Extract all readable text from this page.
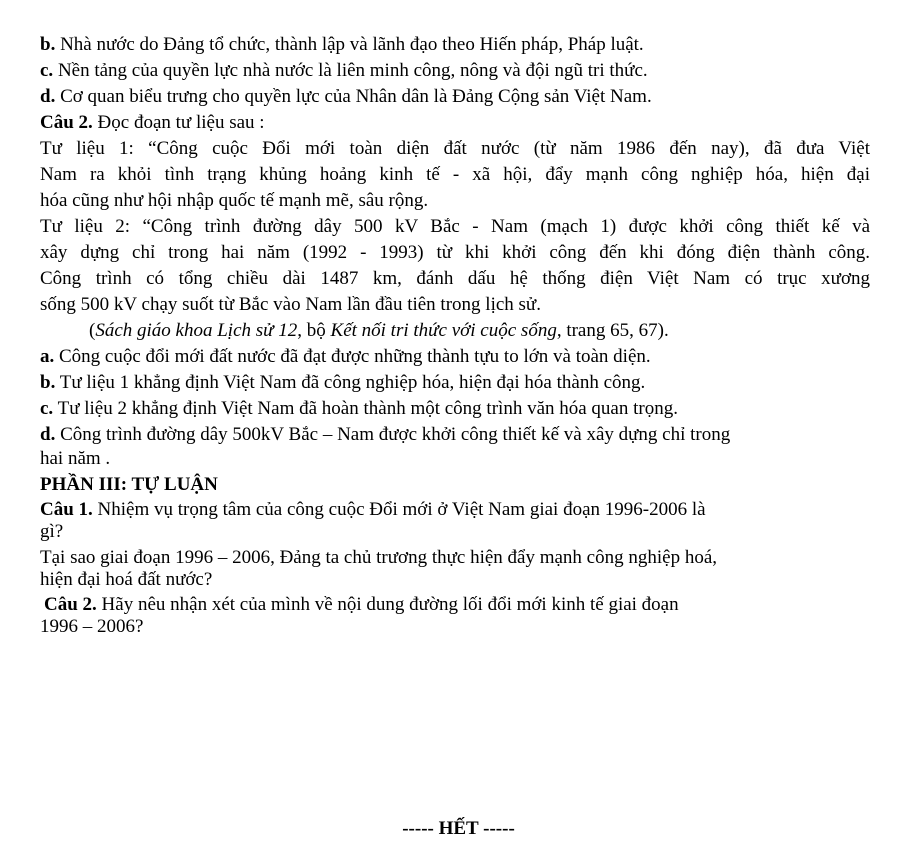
b. Nhà nước do Đảng tổ chức, thành lập và lãnh đạo theo Hiến pháp, Pháp luật.
c. Nền tảng của quyền lực nhà nước là liên minh công, nông và đội ngũ tri thức.
d. Cơ quan biểu trưng cho quyền lực của Nhân dân là Đảng Cộng sản Việt Nam.
Câu 2. Đọc đoạn tư liệu sau :
Tư liệu 1: “Công cuộc Đổi mới toàn diện đất nước (từ năm 1986 đến nay), đã đưa Việt
Nam ra khỏi tình trạng khủng hoảng kinh tế - xã hội, đẩy mạnh công nghiệp hóa, hiện đại
hóa cũng như hội nhập quốc tế mạnh mẽ, sâu rộng.
Tư liệu 2: “Công trình đường dây 500 kV Bắc - Nam (mạch 1) được khởi công thiết kế và
xây dựng chỉ trong hai năm (1992 - 1993) từ khi khởi công đến khi đóng điện thành công.
Công trình có tổng chiều dài 1487 km, đánh dấu hệ thống điện Việt Nam có trục xương
sống 500 kV chạy suốt từ Bắc vào Nam lần đầu tiên trong lịch sử.
(Sách giáo khoa Lịch sử 12, bộ Kết nối tri thức với cuộc sống, trang 65, 67).
a. Công cuộc đổi mới đất nước đã đạt được những thành tựu to lớn và toàn diện.
b. Tư liệu 1 khẳng định Việt Nam đã công nghiệp hóa, hiện đại hóa thành công.
c. Tư liệu 2 khẳng định Việt Nam đã hoàn thành một công trình văn hóa quan trọng.
d. Công trình đường dây 500kV Bắc – Nam được khởi công thiết kế và xây dựng chỉ trong
hai năm .
PHẦN III: TỰ LUẬN
Câu 1. Nhiệm vụ trọng tâm của công cuộc Đổi mới ở Việt Nam giai đoạn 1996-2006 là
gì?
Tại sao giai đoạn 1996 – 2006, Đảng ta chủ trương thực hiện đẩy mạnh công nghiệp hoá,
hiện đại hoá đất nước?
Câu 2. Hãy nêu nhận xét của mình về nội dung đường lối đổi mới kinh tế giai đoạn
1996 – 2006?
----- HẾT -----
